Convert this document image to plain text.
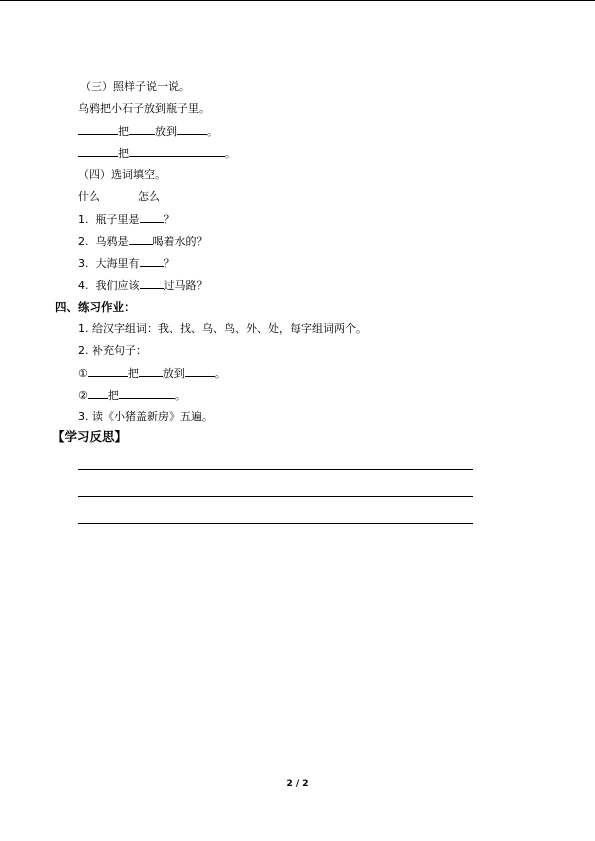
（三）照样子说一说。
乌鸦把小石子放到瓶子里。
把 放到	。
把	。
（四）选词填空。
什么	怎么
1. 瓶子里是 ？
2. 乌鸦是 喝着水的？
3. 大海里有 ？
4. 我们应该 过马路？
四、练习作业：
1. 给汉字组词：我、找、乌、鸟、外、处，每字组词两个。
2. 补充句子：
①	把 放到	。
② 把	。
3. 读《小猪盖新房》五遍。
【学习反思】
2 / 2
